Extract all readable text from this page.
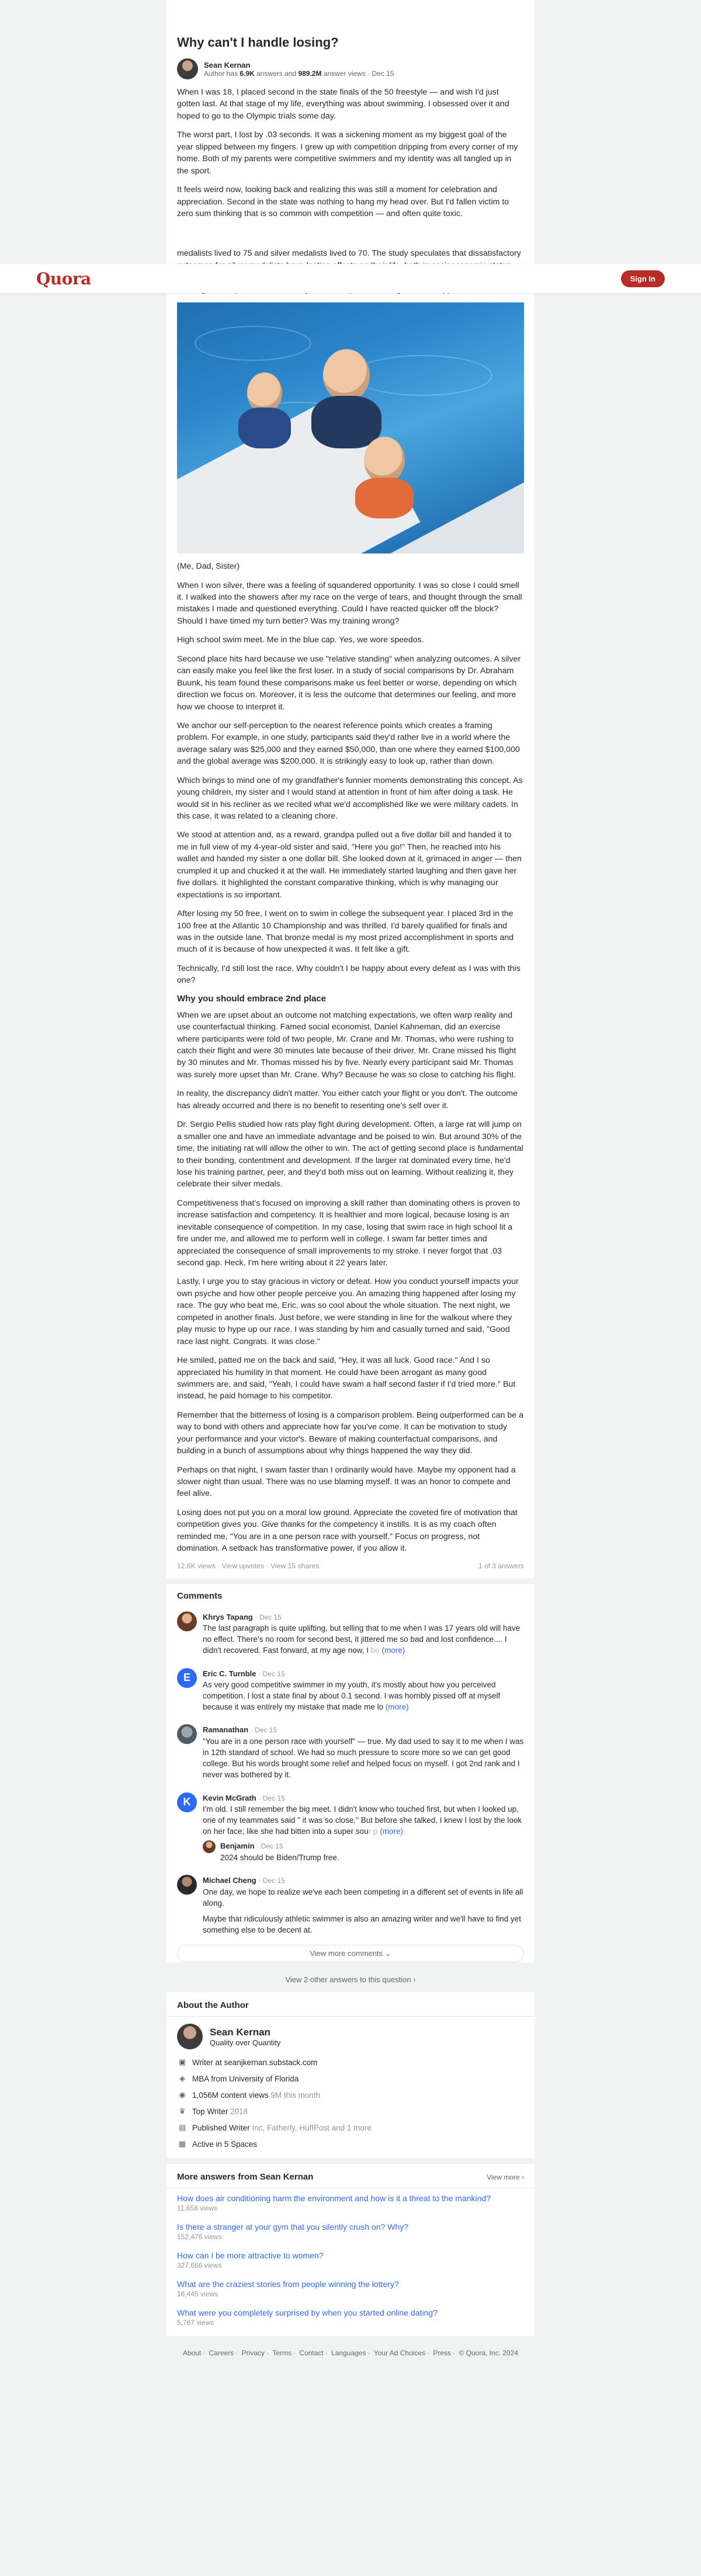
Quora	Sign In
Why can't I handle losing?
Sean Kernan
Author has 6.9K answers and 989.2M answer views · Dec 15

When I was 18, I placed second in the state finals of the 50 freestyle — and wish I'd just gotten last. At that stage of my life, everything was about swimming. I obsessed over it and hoped to go to the Olympic trials some day.

The worst part, I lost by .03 seconds. It was a sickening moment as my biggest goal of the year slipped between my fingers. I grew up with competition dripping from every corner of my home. Both of my parents were competitive swimmers and my identity was all tangled up in the sport.

It feels weird now, looking back and realizing this was still a moment for celebration and appreciation. Second in the state was nothing to hang my head over. But I'd fallen victim to zero sum thinking that is so common with competition — and often quite toxic.

medalists lived to 75 and silver medalists lived to 70. The study speculates that dissatisfactory

(Me, Dad, Sister)

When I won silver, there was a feeling of squandered opportunity. I was so close I could smell it. I walked into the showers after my race on the verge of tears, and thought through the small mistakes I made and questioned everything. Could I have reacted quicker off the block? Should I have timed my turn better? Was my training wrong?

High school swim meet. Me in the blue cap. Yes, we wore speedos.

Second place hits hard because we use "relative standing" when analyzing outcomes. A silver can easily make you feel like the first loser. In a study of social comparisons by Dr. Abraham Buunk, his team found these comparisons make us feel better or worse, depending on which direction we focus on. Moreover, it is less the outcome that determines our feeling, and more how we choose to interpret it.

We anchor our self-perception to the nearest reference points which creates a framing problem. For example, in one study, participants said they'd rather live in a world where the average salary was $25,000 and they earned $50,000, than one where they earned $100,000 and the global average was $200,000. It is strikingly easy to look up, rather than down.

Which brings to mind one of my grandfather's funnier moments demonstrating this concept. As young children, my sister and I would stand at attention in front of him after doing a task. He would sit in his recliner as we recited what we'd accomplished like we were military cadets. In this case, it was related to a cleaning chore.

We stood at attention and, as a reward, grandpa pulled out a five dollar bill and handed it to me in full view of my 4-year-old sister and said, "Here you go!" Then, he reached into his wallet and handed my sister a one dollar bill. She looked down at it, grimaced in anger — then crumpled it up and chucked it at the wall. He immediately started laughing and then gave her five dollars. It highlighted the constant comparative thinking, which is why managing our expectations is so important.

After losing my 50 free, I went on to swim in college the subsequent year. I placed 3rd in the 100 free at the Atlantic 10 Championship and was thrilled. I'd barely qualified for finals and was in the outside lane. That bronze medal is my most prized accomplishment in sports and much of it is because of how unexpected it was. It felt like a gift.

Technically, I'd still lost the race. Why couldn't I be happy about every defeat as I was with this one?

Why you should embrace 2nd place

When we are upset about an outcome not matching expectations, we often warp reality and use counterfactual thinking. Famed social economist, Daniel Kahneman, did an exercise where participants were told of two people, Mr. Crane and Mr. Thomas, who were rushing to catch their flight and were 30 minutes late because of their driver. Mr. Crane missed his flight by 30 minutes and Mr. Thomas missed his by five. Nearly every participant said Mr. Thomas was surely more upset than Mr. Crane. Why? Because he was so close to catching his flight.

In reality, the discrepancy didn't matter. You either catch your flight or you don't. The outcome has already occurred and there is no benefit to resenting one's self over it.

Dr. Sergio Pellis studied how rats play fight during development. Often, a large rat will jump on a smaller one and have an immediate advantage and be poised to win. But around 30% of the time, the initiating rat will allow the other to win. The act of getting second place is fundamental to their bonding, contentment and development. If the larger rat dominated every time, he'd lose his training partner, peer, and they'd both miss out on learning. Without realizing it, they celebrate their silver medals.

Competitiveness that's focused on improving a skill rather than dominating others is proven to increase satisfaction and competency. It is healthier and more logical, because losing is an inevitable consequence of competition. In my case, losing that swim race in high school lit a fire under me, and allowed me to perform well in college. I swam far better times and appreciated the consequence of small improvements to my stroke. I never forgot that .03 second gap. Heck, I'm here writing about it 22 years later.

Lastly, I urge you to stay gracious in victory or defeat. How you conduct yourself impacts your own psyche and how other people perceive you. An amazing thing happened after losing my race. The guy who beat me, Eric, was so cool about the whole situation. The next night, we competed in another finals. Just before, we were standing in line for the walkout where they play music to hype up our race. I was standing by him and casually turned and said, "Good race last night. Congrats. It was close."

He smiled, patted me on the back and said, "Hey, it was all luck. Good race." And I so appreciated his humility in that moment. He could have been arrogant as many good swimmers are, and said, "Yeah, I could have swam a half second faster if I'd tried more." But instead, he paid homage to his competitor.

Remember that the bitterness of losing is a comparison problem. Being outperformed can be a way to bond with others and appreciate how far you've come. It can be motivation to study your performance and your victor's. Beware of making counterfactual comparisons, and building in a bunch of assumptions about why things happened the way they did.

Perhaps on that night, I swam faster than I ordinarily would have. Maybe my opponent had a slower night than usual. There was no use blaming myself. It was an honor to compete and feel alive.

Losing does not put you on a moral low ground. Appreciate the coveted fire of motivation that competition gives you. Give thanks for the competency it instills. It is as my coach often reminded me, "You are in a one person race with yourself." Focus on progress, not domination. A setback has transformative power, if you allow it.

12.6K views · View upvotes · View 15 shares	1 of 3 answers
Comments
Khrys Tapang · Dec 15
The last paragraph is quite uplifting, but telling that to me when I was 17 years old will have no effect. There's no room for second best, it jittered me so bad and lost confidence.... I didn't recovered. Fast forward, at my age now, I bo (more)
E	Eric C. Turnble · Dec 15
As very good competitive swimmer in my youth, it's mostly about how you perceived competition. I lost a state final by about 0.1 second. I was horribly pissed off at myself because it was entirely my mistake that made me lo (more)
Ramanathan · Dec 15
"You are in a one person race with yourself" — true. My dad used to say it to me when I was in 12th standard of school. We had so much pressure to score more so we can get good college. But his words brought some relief and helped focus on myself. I got 2nd rank and I never was bothered by it.
K	Kevin McGrath · Dec 15
I'm old. I still remember the big meet. I didn't know who touched first, but when I looked up, one of my teammates said " it was so close." But before she talked, I knew I lost by the look on her face; like she had bitten into a super sour p (more)
Benjamin · Dec 15
2024 should be Biden/Trump free.
Michael Cheng · Dec 15
One day, we hope to realize we've each been competing in a different set of events in life all along.
Maybe that ridiculously athletic swimmer is also an amazing writer and we'll have to find yet something else to be decent at.
View more comments ⌄
View 2 other answers to this question ›
About the Author
Sean Kernan
Quality over Quantity
▣ Writer at seanjkernan.substack.com
◈ MBA from University of Florida
◉ 1,056M content views 9M this month
♛ Top Writer 2018
▤ Published Writer Inc, Fatherly, HuffPost and 1 more
▦ Active in 5 Spaces
More answers from Sean Kernan	View more ›
How does air conditioning harm the environment and how is it a threat to the mankind?
11,658 views
Is there a stranger at your gym that you silently crush on? Why?
152,476 views
How can I be more attractive to women?
327,666 views
What are the craziest stories from people winning the lottery?
16,445 views
What were you completely surprised by when you started online dating?
5,767 views
About · Careers · Privacy · Terms · Contact · Languages · Your Ad Choices · Press · © Quora, Inc. 2024
